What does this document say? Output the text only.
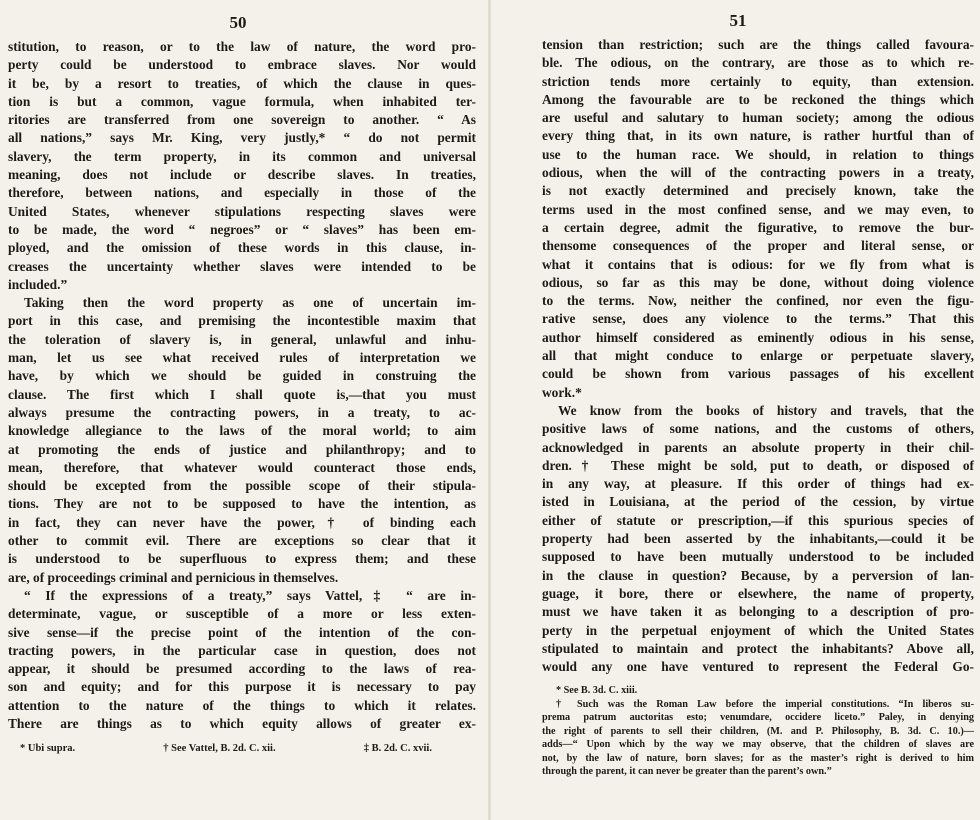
50
stitution, to reason, or to the law of nature, the word pro-
perty could be understood to embrace slaves. Nor would
it be, by a resort to treaties, of which the clause in ques-
tion is but a common, vague formula, when inhabited ter-
ritories are transferred from one sovereign to another. “ As
all nations,” says Mr. King, very justly,* “ do not permit
slavery, the term property, in its common and universal
meaning, does not include or describe slaves. In treaties,
therefore, between nations, and especially in those of the
United States, whenever stipulations respecting slaves were
to be made, the word “ negroes” or “ slaves” has been em-
ployed, and the omission of these words in this clause, in-
creases the uncertainty whether slaves were intended to be
included.”
Taking then the word property as one of uncertain im-
port in this case, and premising the incontestible maxim that
the toleration of slavery is, in general, unlawful and inhu-
man, let us see what received rules of interpretation we
have, by which we should be guided in construing the
clause. The first which I shall quote is,—that you must
always presume the contracting powers, in a treaty, to ac-
knowledge allegiance to the laws of the moral world; to aim
at promoting the ends of justice and philanthropy; and to
mean, therefore, that whatever would counteract those ends,
should be excepted from the possible scope of their stipula-
tions. They are not to be supposed to have the intention, as
in fact, they can never have the power,† of binding each
other to commit evil. There are exceptions so clear that it
is understood to be superfluous to express them; and these
are, of proceedings criminal and pernicious in themselves.
“ If the expressions of a treaty,” says Vattel,‡ “ are in-
determinate, vague, or susceptible of a more or less exten-
sive sense—if the precise point of the intention of the con-
tracting powers, in the particular case in question, does not
appear, it should be presumed according to the laws of rea-
son and equity; and for this purpose it is necessary to pay
attention to the nature of the things to which it relates.
There are things as to which equity allows of greater ex-
* Ubi supra.	† See Vattel, B. 2d. C. xii.	‡ B. 2d. C. xvii.
51
tension than restriction; such are the things called favoura-
ble. The odious, on the contrary, are those as to which re-
striction tends more certainly to equity, than extension.
Among the favourable are to be reckoned the things which
are useful and salutary to human society; among the odious
every thing that, in its own nature, is rather hurtful than of
use to the human race. We should, in relation to things
odious, when the will of the contracting powers in a treaty,
is not exactly determined and precisely known, take the
terms used in the most confined sense, and we may even, to
a certain degree, admit the figurative, to remove the bur-
thensome consequences of the proper and literal sense, or
what it contains that is odious: for we fly from what is
odious, so far as this may be done, without doing violence
to the terms. Now, neither the confined, nor even the figu-
rative sense, does any violence to the terms.” That this
author himself considered as eminently odious in his sense,
all that might conduce to enlarge or perpetuate slavery,
could be shown from various passages of his excellent
work.*
We know from the books of history and travels, that the
positive laws of some nations, and the customs of others,
acknowledged in parents an absolute property in their chil-
dren.† These might be sold, put to death, or disposed of
in any way, at pleasure. If this order of things had ex-
isted in Louisiana, at the period of the cession, by virtue
either of statute or prescription,—if this spurious species of
property had been asserted by the inhabitants,—could it be
supposed to have been mutually understood to be included
in the clause in question? Because, by a perversion of lan-
guage, it bore, there or elsewhere, the name of property,
must we have taken it as belonging to a description of pro-
perty in the perpetual enjoyment of which the United States
stipulated to maintain and protect the inhabitants? Above all,
would any one have ventured to represent the Federal Go-
* See B. 3d. C. xiii.
† Such was the Roman Law before the imperial constitutions. “In liberos su-
prema patrum auctoritas esto; venumdare, occidere liceto.” Paley, in denying
the right of parents to sell their children, (M. and P. Philosophy, B. 3d. C. 10.)—
adds—“ Upon which by the way we may observe, that the children of slaves are
not, by the law of nature, born slaves; for as the master’s right is derived to him
through the parent, it can never be greater than the parent’s own.”
